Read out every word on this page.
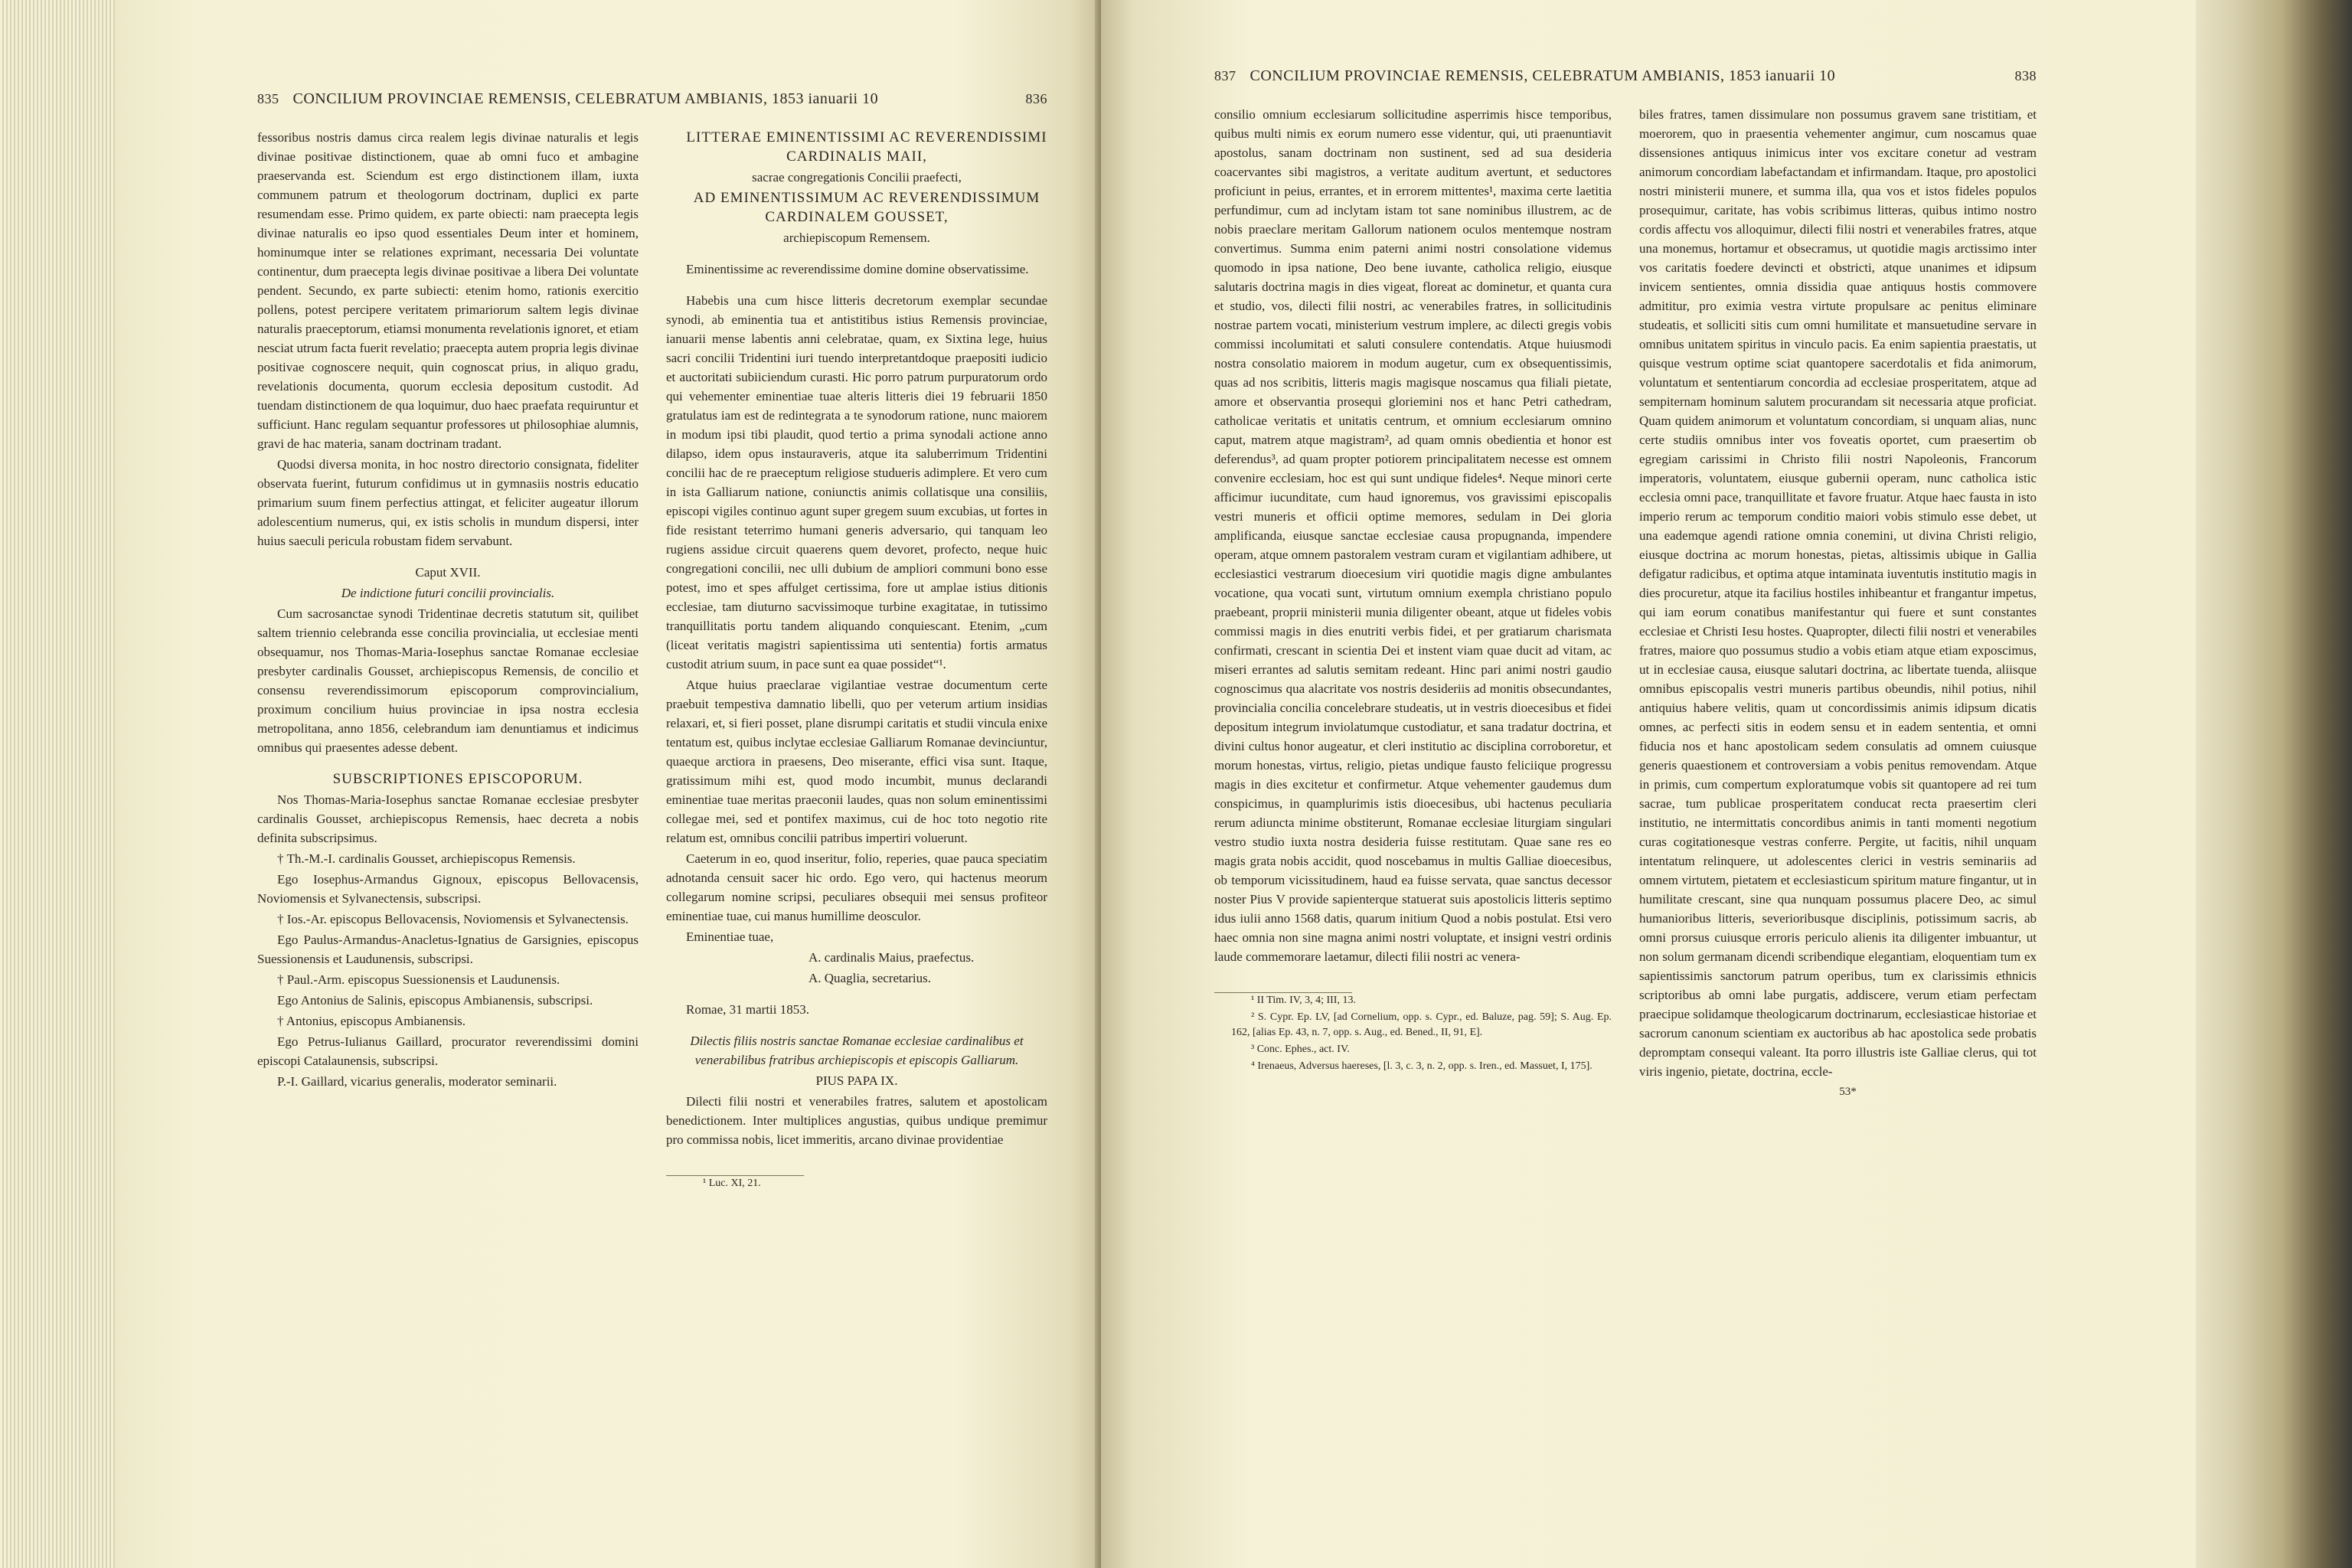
835 CONCILIUM PROVINCIAE REMENSIS, CELEBRATUM AMBIANIS, 1853 ianuarii 10	836

fessoribus nostris damus circa realem legis divinae naturalis et legis divinae positivae distinctionem, quae ab omni fuco et ambagine praeservanda est. Sciendum est ergo distinctionem illam, iuxta communem patrum et theologorum doctrinam, duplici ex parte resumendam esse. Primo quidem, ex parte obiecti: nam praecepta legis divinae naturalis eo ipso quod essentiales Deum inter et hominem, hominumque inter se relationes exprimant, necessaria Dei voluntate continentur, dum praecepta legis divinae positivae a libera Dei voluntate pendent. Secundo, ex parte subiecti: etenim homo, rationis exercitio pollens, potest percipere veritatem primariorum saltem legis divinae naturalis praeceptorum, etiamsi monumenta revelationis ignoret, et etiam nesciat utrum facta fuerit revelatio; praecepta autem propria legis divinae positivae cognoscere nequit, quin cognoscat prius, in aliquo gradu, revelationis documenta, quorum ecclesia depositum custodit. Ad tuendam distinctionem de qua loquimur, duo haec praefata requiruntur et sufficiunt. Hanc regulam sequantur professores ut philosophiae alumnis, gravi de hac materia, sanam doctrinam tradant.

Quodsi diversa monita, in hoc nostro directorio consignata, fideliter observata fuerint, futurum confidimus ut in gymnasiis nostris educatio primarium suum finem perfectius attingat, et feliciter augeatur illorum adolescentium numerus, qui, ex istis scholis in mundum dispersi, inter huius saeculi pericula robustam fidem servabunt.

Caput XVII.

De indictione futuri concilii provincialis.

Cum sacrosanctae synodi Tridentinae decretis statutum sit, quilibet saltem triennio celebranda esse concilia provincialia, ut ecclesiae menti obsequamur, nos Thomas-Maria-Iosephus sanctae Romanae ecclesiae presbyter cardinalis Gousset, archiepiscopus Remensis, de concilio et consensu reverendissimorum episcoporum comprovincialium, proximum concilium huius provinciae in ipsa nostra ecclesia metropolitana, anno 1856, celebrandum iam denuntiamus et indicimus omnibus qui praesentes adesse debent.

SUBSCRIPTIONES EPISCOPORUM.

Nos Thomas-Maria-Iosephus sanctae Romanae ecclesiae presbyter cardinalis Gousset, archiepiscopus Remensis, haec decreta a nobis definita subscripsimus.

† Th.-M.-I. cardinalis Gousset, archiepiscopus Remensis.

Ego Iosephus-Armandus Gignoux, episcopus Bellovacensis, Noviomensis et Sylvanectensis, subscripsi.

† Ios.-Ar. episcopus Bellovacensis, Noviomensis et Sylvanectensis.

Ego Paulus-Armandus-Anacletus-Ignatius de Garsignies, episcopus Suessionensis et Laudunensis, subscripsi.

† Paul.-Arm. episcopus Suessionensis et Laudunensis.

Ego Antonius de Salinis, episcopus Ambianensis, subscripsi.

† Antonius, episcopus Ambianensis.

Ego Petrus-Iulianus Gaillard, procurator reverendissimi domini episcopi Catalaunensis, subscripsi.

P.-I. Gaillard, vicarius generalis, moderator seminarii.

LITTERAE EMINENTISSIMI AC REVERENDISSIMI CARDINALIS MAII,

sacrae congregationis Concilii praefecti,

AD EMINENTISSIMUM AC REVERENDISSIMUM CARDINALEM GOUSSET,

archiepiscopum Remensem.

Eminentissime ac reverendissime domine domine observatissime.

Habebis una cum hisce litteris decretorum exemplar secundae synodi, ab eminentia tua et antistitibus istius Remensis provinciae, ianuarii mense labentis anni celebratae, quam, ex Sixtina lege, huius sacri concilii Tridentini iuri tuendo interpretantdoque praepositi iudicio et auctoritati subiiciendum curasti. Hic porro patrum purpuratorum ordo qui vehementer eminentiae tuae alteris litteris diei 19 februarii 1850 gratulatus iam est de redintegrata a te synodorum ratione, nunc maiorem in modum ipsi tibi plaudit, quod tertio a prima synodali actione anno dilapso, idem opus instauraveris, atque ita saluberrimum Tridentini concilii hac de re praeceptum religiose studueris adimplere. Et vero cum in ista Galliarum natione, coniunctis animis collatisque una consiliis, episcopi vigiles continuo agunt super gregem suum excubias, ut fortes in fide resistant teterrimo humani generis adversario, qui tanquam leo rugiens assidue circuit quaerens quem devoret, profecto, neque huic congregationi concilii, nec ulli dubium de ampliori communi bono esse potest, imo et spes affulget certissima, fore ut amplae istius ditionis ecclesiae, tam diuturno sacvissimoque turbine exagitatae, in tutissimo tranquillitatis portu tandem aliquando conquiescant. Etenim, „cum (liceat veritatis magistri sapientissima uti sententia) fortis armatus custodit atrium suum, in pace sunt ea quae possidet“¹.

Atque huius praeclarae vigilantiae vestrae documentum certe praebuit tempestiva damnatio libelli, quo per veterum artium insidias relaxari, et, si fieri posset, plane disrumpi caritatis et studii vincula enixe tentatum est, quibus inclytae ecclesiae Galliarum Romanae devinciuntur, quaeque arctiora in praesens, Deo miserante, effici visa sunt. Itaque, gratissimum mihi est, quod modo incumbit, munus declarandi eminentiae tuae meritas praeconii laudes, quas non solum eminentissimi collegae mei, sed et pontifex maximus, cui de hoc toto negotio rite relatum est, omnibus concilii patribus impertiri voluerunt.

Caeterum in eo, quod inseritur, folio, reperies, quae pauca speciatim adnotanda censuit sacer hic ordo. Ego vero, qui hactenus meorum collegarum nomine scripsi, peculiares obsequii mei sensus profiteor eminentiae tuae, cui manus humillime deosculor.

Eminentiae tuae,

A. cardinalis Maius, praefectus.

A. Quaglia, secretarius.

Romae, 31 martii 1853.

Dilectis filiis nostris sanctae Romanae ecclesiae cardinalibus et venerabilibus fratribus archiepiscopis et episcopis Galliarum.

PIUS PAPA IX.

Dilecti filii nostri et venerabiles fratres, salutem et apostolicam benedictionem. Inter multiplices angustias, quibus undique premimur pro commissa nobis, licet immeritis, arcano divinae providentiae

¹ Luc. XI, 21.

837 CONCILIUM PROVINCIAE REMENSIS, CELEBRATUM AMBIANIS, 1853 ianuarii 10	838

consilio omnium ecclesiarum sollicitudine asperrimis hisce temporibus, quibus multi nimis ex eorum numero esse videntur, qui, uti praenuntiavit apostolus, sanam doctrinam non sustinent, sed ad sua desideria coacervantes sibi magistros, a veritate auditum avertunt, et seductores proficiunt in peius, errantes, et in errorem mittentes¹, maxima certe laetitia perfundimur, cum ad inclytam istam tot sane nominibus illustrem, ac de nobis praeclare meritam Gallorum nationem oculos mentemque nostram convertimus. Summa enim paterni animi nostri consolatione videmus quomodo in ipsa natione, Deo bene iuvante, catholica religio, eiusque salutaris doctrina magis in dies vigeat, floreat ac dominetur, et quanta cura et studio, vos, dilecti filii nostri, ac venerabiles fratres, in sollicitudinis nostrae partem vocati, ministerium vestrum implere, ac dilecti gregis vobis commissi incolumitati et saluti consulere contendatis. Atque huiusmodi nostra consolatio maiorem in modum augetur, cum ex obsequentissimis, quas ad nos scribitis, litteris magis magisque noscamus qua filiali pietate, amore et observantia prosequi gloriemini nos et hanc Petri cathedram, catholicae veritatis et unitatis centrum, et omnium ecclesiarum omnino caput, matrem atque magistram², ad quam omnis obedientia et honor est deferendus³, ad quam propter potiorem principalitatem necesse est omnem convenire ecclesiam, hoc est qui sunt undique fideles⁴. Neque minori certe afficimur iucunditate, cum haud ignoremus, vos gravissimi episcopalis vestri muneris et officii optime memores, sedulam in Dei gloria amplificanda, eiusque sanctae ecclesiae causa propugnanda, impendere operam, atque omnem pastoralem vestram curam et vigilantiam adhibere, ut ecclesiastici vestrarum dioecesium viri quotidie magis digne ambulantes vocatione, qua vocati sunt, virtutum omnium exempla christiano populo praebeant, proprii ministerii munia diligenter obeant, atque ut fideles vobis commissi magis in dies enutriti verbis fidei, et per gratiarum charismata confirmati, crescant in scientia Dei et instent viam quae ducit ad vitam, ac miseri errantes ad salutis semitam redeant. Hinc pari animi nostri gaudio cognoscimus qua alacritate vos nostris desideriis ad monitis obsecundantes, provincialia concilia concelebrare studeatis, ut in vestris dioecesibus et fidei depositum integrum inviolatumque custodiatur, et sana tradatur doctrina, et divini cultus honor augeatur, et cleri institutio ac disciplina corroboretur, et morum honestas, virtus, religio, pietas undique fausto feliciique progressu magis in dies excitetur et confirmetur. Atque vehementer gaudemus dum conspicimus, in quamplurimis istis dioecesibus, ubi hactenus peculiaria rerum adiuncta minime obstiterunt, Romanae ecclesiae liturgiam singulari vestro studio iuxta nostra desideria fuisse restitutam. Quae sane res eo magis grata nobis accidit, quod noscebamus in multis Galliae dioecesibus, ob temporum vicissitudinem, haud ea fuisse servata, quae sanctus decessor noster Pius V provide sapienterque statuerat suis apostolicis litteris septimo idus iulii anno 1568 datis, quarum initium Quod a nobis postulat. Etsi vero haec omnia non sine magna animi nostri voluptate, et insigni vestri ordinis laude commemorare laetamur, dilecti filii nostri ac venera-

¹ II Tim. IV, 3, 4; III, 13.

² S. Cypr. Ep. LV, [ad Cornelium, opp. s. Cypr., ed. Baluze, pag. 59]; S. Aug. Ep. 162, [alias Ep. 43, n. 7, opp. s. Aug., ed. Bened., II, 91, E].

³ Conc. Ephes., act. IV.

⁴ Irenaeus, Adversus haereses, [l. 3, c. 3, n. 2, opp. s. Iren., ed. Massuet, I, 175].

biles fratres, tamen dissimulare non possumus gravem sane tristitiam, et moerorem, quo in praesentia vehementer angimur, cum noscamus quae dissensiones antiquus inimicus inter vos excitare conetur ad vestram animorum concordiam labefactandam et infirmandam. Itaque, pro apostolici nostri ministerii munere, et summa illa, qua vos et istos fideles populos prosequimur, caritate, has vobis scribimus litteras, quibus intimo nostro cordis affectu vos alloquimur, dilecti filii nostri et venerabiles fratres, atque una monemus, hortamur et obsecramus, ut quotidie magis arctissimo inter vos caritatis foedere devincti et obstricti, atque unanimes et idipsum invicem sentientes, omnia dissidia quae antiquus hostis commovere admititur, pro eximia vestra virtute propulsare ac penitus eliminare studeatis, et solliciti sitis cum omni humilitate et mansuetudine servare in omnibus unitatem spiritus in vinculo pacis. Ea enim sapientia praestatis, ut quisque vestrum optime sciat quantopere sacerdotalis et fida animorum, voluntatum et sententiarum concordia ad ecclesiae prosperitatem, atque ad sempiternam hominum salutem procurandam sit necessaria atque proficiat. Quam quidem animorum et voluntatum concordiam, si unquam alias, nunc certe studiis omnibus inter vos foveatis oportet, cum praesertim ob egregiam carissimi in Christo filii nostri Napoleonis, Francorum imperatoris, voluntatem, eiusque gubernii operam, nunc catholica istic ecclesia omni pace, tranquillitate et favore fruatur. Atque haec fausta in isto imperio rerum ac temporum conditio maiori vobis stimulo esse debet, ut una eademque agendi ratione omnia conemini, ut divina Christi religio, eiusque doctrina ac morum honestas, pietas, altissimis ubique in Gallia defigatur radicibus, et optima atque intaminata iuventutis institutio magis in dies procuretur, atque ita facilius hostiles inhibeantur et frangantur impetus, qui iam eorum conatibus manifestantur qui fuere et sunt constantes ecclesiae et Christi Iesu hostes. Quapropter, dilecti filii nostri et venerabiles fratres, maiore quo possumus studio a vobis etiam atque etiam exposcimus, ut in ecclesiae causa, eiusque salutari doctrina, ac libertate tuenda, aliisque omnibus episcopalis vestri muneris partibus obeundis, nihil potius, nihil antiquius habere velitis, quam ut concordissimis animis idipsum dicatis omnes, ac perfecti sitis in eodem sensu et in eadem sententia, et omni fiducia nos et hanc apostolicam sedem consulatis ad omnem cuiusque generis quaestionem et controversiam a vobis penitus removendam. Atque in primis, cum compertum exploratumque vobis sit quantopere ad rei tum sacrae, tum publicae prosperitatem conducat recta praesertim cleri institutio, ne intermittatis concordibus animis in tanti momenti negotium curas cogitationesque vestras conferre. Pergite, ut facitis, nihil unquam intentatum relinquere, ut adolescentes clerici in vestris seminariis ad omnem virtutem, pietatem et ecclesiasticum spiritum mature fingantur, ut in humilitate crescant, sine qua nunquam possumus placere Deo, ac simul humanioribus litteris, severioribusque disciplinis, potissimum sacris, ab omni prorsus cuiusque erroris periculo alienis ita diligenter imbuantur, ut non solum germanam dicendi scribendique elegantiam, eloquentiam tum ex sapientissimis sanctorum patrum operibus, tum ex clarissimis ethnicis scriptoribus ab omni labe purgatis, addiscere, verum etiam perfectam praecipue solidamque theologicarum doctrinarum, ecclesiasticae historiae et sacrorum canonum scientiam ex auctoribus ab hac apostolica sede probatis depromptam consequi valeant. Ita porro illustris iste Galliae clerus, qui tot viris ingenio, pietate, doctrina, eccle-

53*
